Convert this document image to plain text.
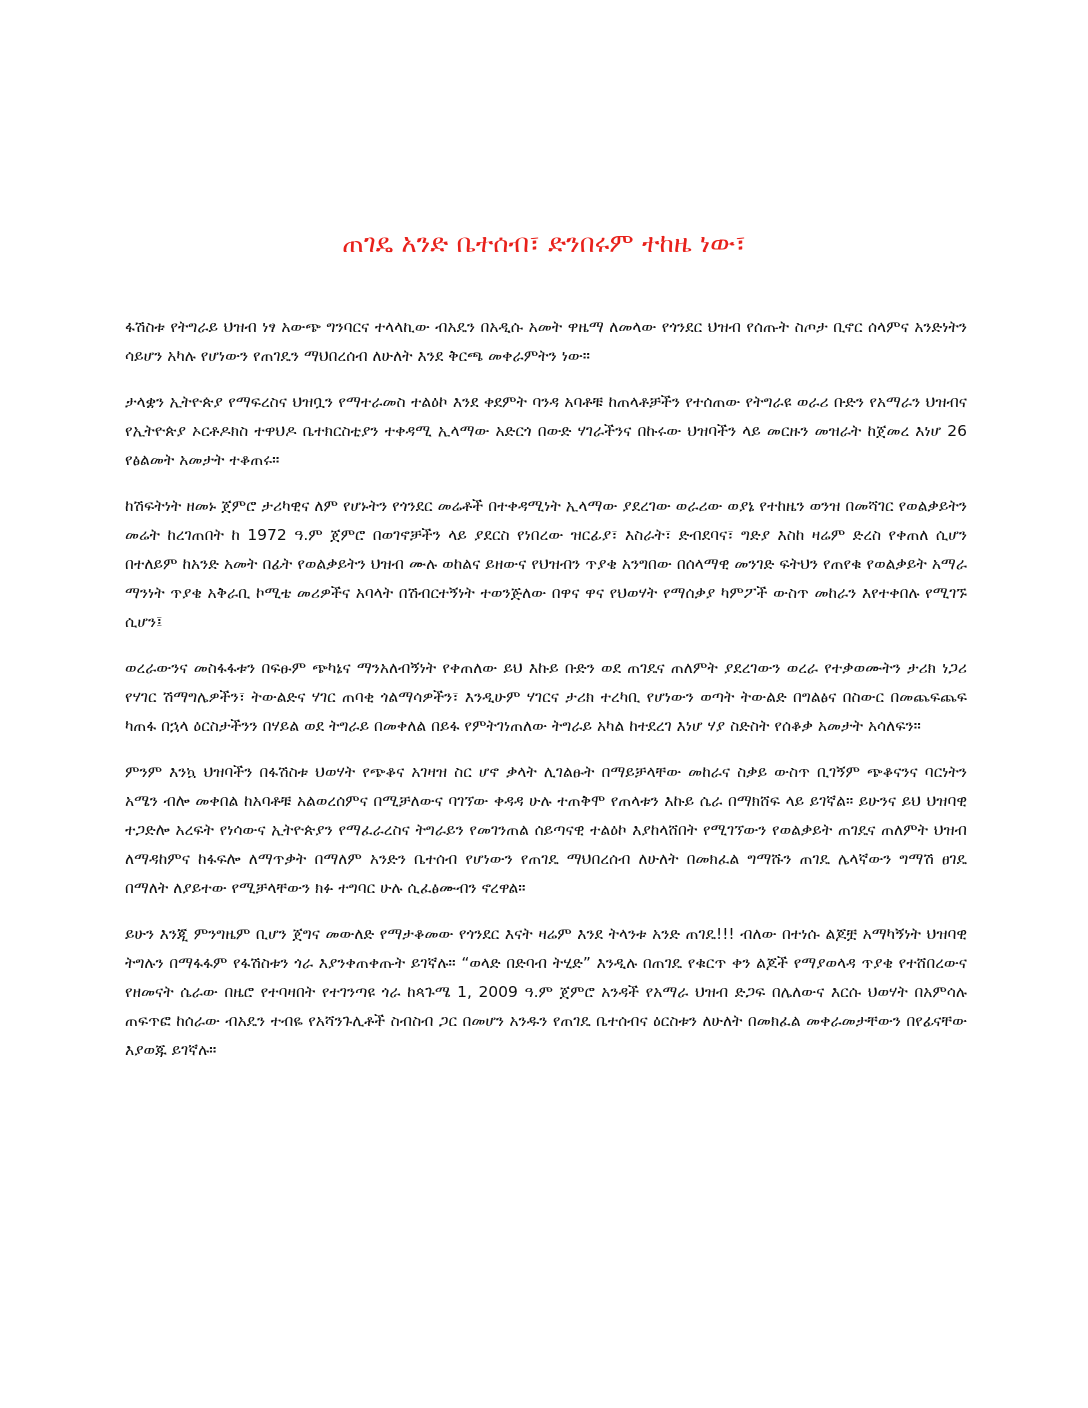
ጠገዴ አንድ ቤተሰብ፣ ድንበሩም ተከዜ ነው፣

ፋሽስቱ የትግራይ ህዝብ ነፃ አውጭ ግንባርና ተላላኪው ብአዴን በአዲሱ አመት ዋዜማ ለመላው የጎንደር ህዝብ የሰጡት ስጦታ ቢኖር ሰላምና አንድነትን ሳይሆን አካሉ የሆነውን የጠገዴን ማህበረሰብ ለሁለት እንደ ቅርጫ መቀራምትን ነው።

ታላቋን ኢትዮጵያ የማፍረስና ህዝቧን የማተራመስ ተልዕኮ እንደ ቀደምት ባንዳ አባቶቹ ከጠላቶቻችን የተሰጠው የትግራዩ ወራሪ ቡድን የአማራን ህዝብና የኢትዮጵያ ኦርቶዶክስ ተዋህዶ ቤተክርስቲያን ተቀዳሚ ኢላማው አድርጎ በውድ ሃገራችንና በኩሩው ህዝባችን ላይ መርዙን መዝራት ከጀመረ እነሆ 26 የፅልመት አመታት ተቆጠሩ።

ከሽፍትነት ዘመኑ ጀምሮ ታሪካዊና ለም የሆኑትን የጎንደር መሬቶች በተቀዳሚነት ኢላማው ያደረገው ወራሪው ወያኔ የተከዜን ወንዝ በመሻገር የወልቃይትን መሬት ከረገጠበት ከ 1972 ዓ.ም ጀምሮ በወገኖቻችን ላይ ያደርስ የነበረው ዝርፊያ፣ እስራት፣ ድብደባና፣ ግድያ እስከ ዛሬም ድረስ የቀጠለ ሲሆን በተለይም ከአንድ አመት በፊት የወልቃይትን ህዝብ ሙሉ ወከልና ይዘውና የህዝብን ጥያቄ አንግበው በሰላማዊ መንገድ ፍትህን የጠየቁ የወልቃይት አማራ ማንነት ጥያቄ አቅራቢ ኮሚቴ መሪዎችና አባላት በሽብርተኝነት ተወንጅለው በዋና ዋና የህወሃት የማሰቃያ ካምፖች ውስጥ መከራን እየተቀበሉ የሚገኙ ሲሆን፤

ወረራውንና መስፋፋቱን በፍፁም ጭካኔና ማንአለብኝነት የቀጠለው ይህ እኩይ ቡድን ወደ ጠገዴና ጠለምት ያደረገውን ወረራ የተቃወሙትን ታሪክ ነጋሪ የሃገር ሽማግሌዎችን፣ ትውልድና ሃገር ጠባቂ ጎልማሳዎችን፣ እንዲሁም ሃገርና ታሪክ ተረካቢ የሆነውን ወጣት ትውልድ በግልፅና በስውር በመጨፍጨፍ ካጠፋ በኋላ ዕርስታችንን በሃይል ወደ ትግራይ በመቀለል በይፋ የምትገነጠለው ትግራይ አካል ከተደረገ እነሆ ሃያ ስድስት የሰቆቃ አመታት አሳለፍን።

ምንም እንኳ ህዝባችን በፋሽስቱ ህወሃት የጭቆና አገዛዝ ስር ሆኖ ቃላት ሊገልፁት በማይቻላቸው መከራና ስቃይ ውስጥ ቢገኝም ጭቆናንና ባርነትን አሜን ብሎ መቀበል ከአባቶቹ አልወረሰምና በሚቻለውና ባገኘው ቀዳዳ ሁሉ ተጠቅሞ የጠላቱን እኩይ ሴራ በማክሸፍ ላይ ይገኛል። ይሁንና ይህ ህዝባዊ ተጋድሎ አረፍት የነሳውና ኢትዮጵያን የማፈራረስና ትግራይን የመገንጠል ሰይጣናዊ ተልዕኮ እያከላሸበት የሚገኘውን የወልቃይት ጠገዴና ጠለምት ህዝብ ለማዳከምና ከፋፍሎ ለማጥቃት በማለም አንድን ቤተሰብ የሆነውን የጠገዴ ማህበረሰብ ለሁለት በመክፈል ግማሹን ጠገዴ ሌላኛውን ግማሽ ፀገዴ በማለት ለያይተው የሚቻላቸውን ክፉ ተግባር ሁሉ ሲፈፅሙብን ኖረዋል።

ይሁን እንጂ ምንግዜም ቢሆን ጀግና መውለድ የማታቆመው የጎንደር እናት ዛሬም እንደ ትላንቱ አንድ ጠገዴ!!! ብለው በተነሱ ልጆቿ አማካኝነት ህዝባዊ ትግሉን በማፋፋም የፋሽስቱን ጎራ እያንቀጠቀጡት ይገኛሉ። “ወላድ በድባብ ትሂድ” እንዲሉ በጠገዴ የቁርጥ ቀን ልጆች የማያወላዳ ጥያቄ የተሸበረውና የዘመናት ሴራው በዜሮ የተባዛበት የተገንጣዩ ጎራ ከጳጉሜ 1, 2009 ዓ.ም ጀምሮ አንዳች የአማራ ህዝብ ድጋፍ በሌለውና እርሱ ህወሃት በአምሳሉ ጠፍጥፎ ከሰራው ብአዴን ተብዬ የአሻንጉሊቶች ስብስብ ጋር በመሆን አንዱን የጠገዴ ቤተሰብና ዕርስቱን ለሁለት በመክፈል መቀራመታቸውን በየፊናቸው እያወጁ ይገኛሉ።
